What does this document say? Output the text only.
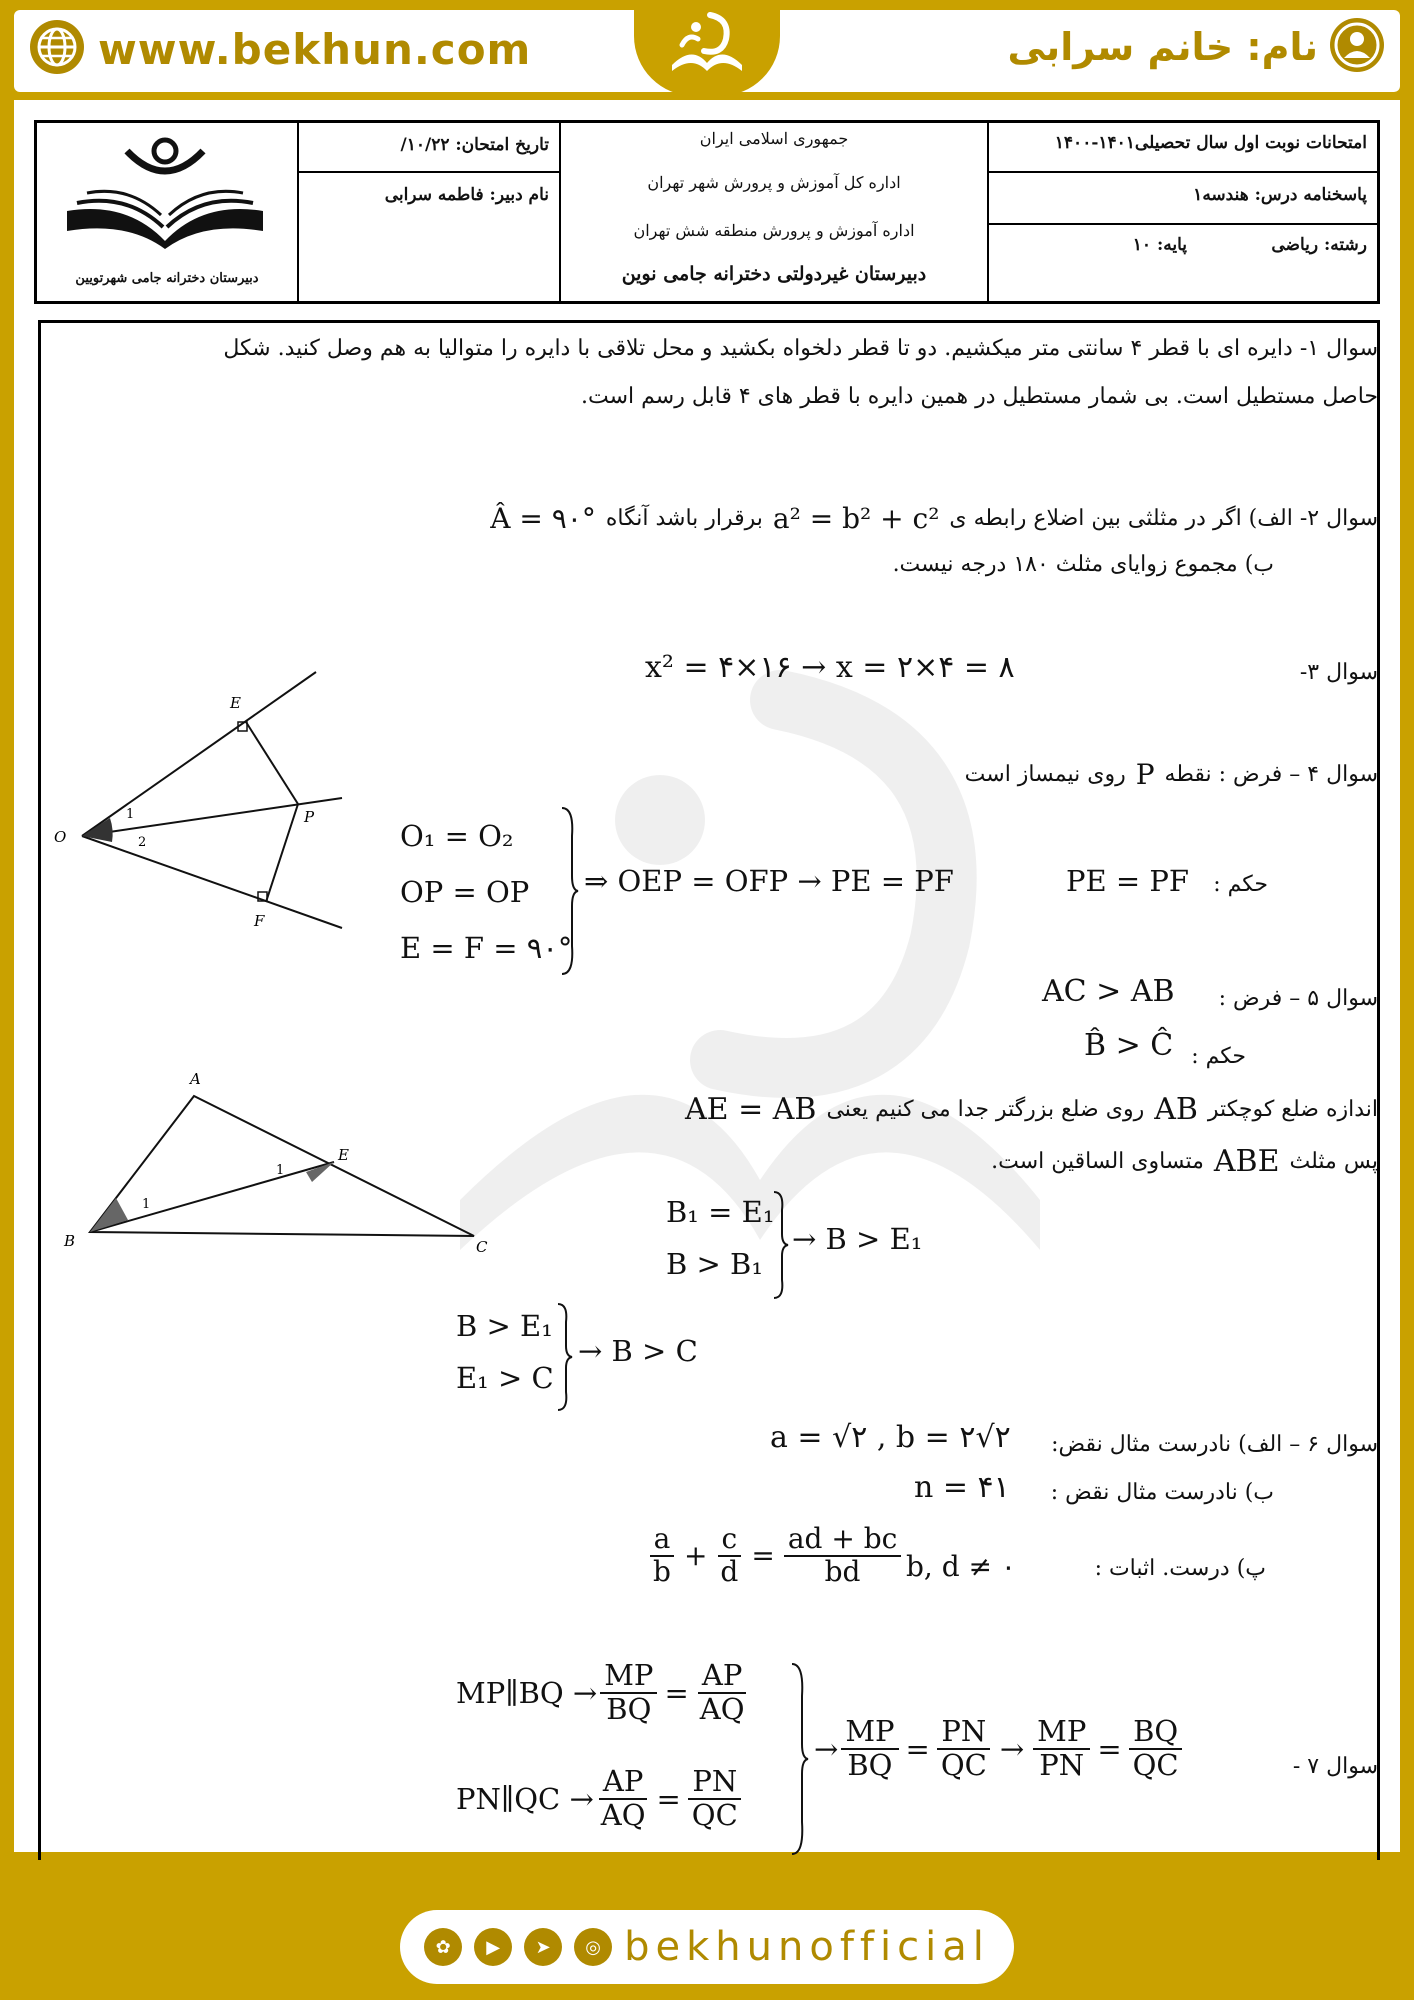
www.bekhun.com	نام: خانم سرابی
امتحانات نوبت اول سال تحصیلی۱۴۰۱-۱۴۰۰
پاسخنامه درس: هندسه۱
رشته: ریاضی
پایه: ۱۰
جمهوری اسلامی ایران
اداره کل آموزش و پرورش شهر تهران
اداره آموزش و پرورش منطقه شش تهران
دبیرستان غیردولتی دخترانه جامی نوین
تاریخ امتحان: ۱۰/۲۲/
نام دبیر: فاطمه سرابی
دبیرستان دخترانه جامی شهرتویین
سوال ۱- دایره ای با قطر ۴ سانتی متر میکشیم. دو تا قطر دلخواه بکشید و محل تلاقی با دایره را متوالیا به هم وصل کنید. شکل
حاصل مستطیل است. بی شمار مستطیل در همین دایره با قطر های ۴ قابل رسم است.
سوال ۲- الف) اگر در مثلثی بین اضلاع رابطه ی
a² = b² + c²
برقرار باشد آنگاه
Â = ۹۰°
ب) مجموع زوایای مثلث ۱۸۰ درجه نیست.
سوال ۳-
x² = ۴×۱۶ → x = ۲×۴ = ۸
E
O
P
F
1
2
سوال ۴ – فرض : نقطه
P
روی نیمساز است
O₁ = O₂
OP = OP
E = F = ۹۰°
⇒ OEP = OFP → PE = PF	PE = PF حکم :
سوال ۵ – فرض :
AC > AB
حکم :
B̂ > Ĉ
اندازه ضلع کوچکتر
AB
روی ضلع بزرگتر جدا می کنیم یعنی
AE = AB
پس مثلث
ABE
متساوی الساقین است.
A
B	C
E
1
1
B₁ = E₁
B > B₁
→ B > E₁
B > E₁
E₁ > C
→ B > C
سوال ۶ – الف) نادرست مثال نقض:
a = √۲ , b = ۲√۲
ب) نادرست مثال نقض :
n = ۴۱
پ) درست. اثبات :
$\frac{a}{b} + \frac{c}{d} = \frac{ad + bc}{bd} b$, d ≠ ۰
سوال ۷ -
MP∥BQ → $\frac{MP}{BQ} = \frac{AP}{AQ}$
PN∥QC → $\frac{AP}{AQ} = \frac{PN}{QC}$
→ $\frac{MP}{BQ} = \frac{PN}{QC} \to \frac{MP}{PN} = \frac{BQ}{QC}$
✿	▶	➤	◎ bekhunofficial
